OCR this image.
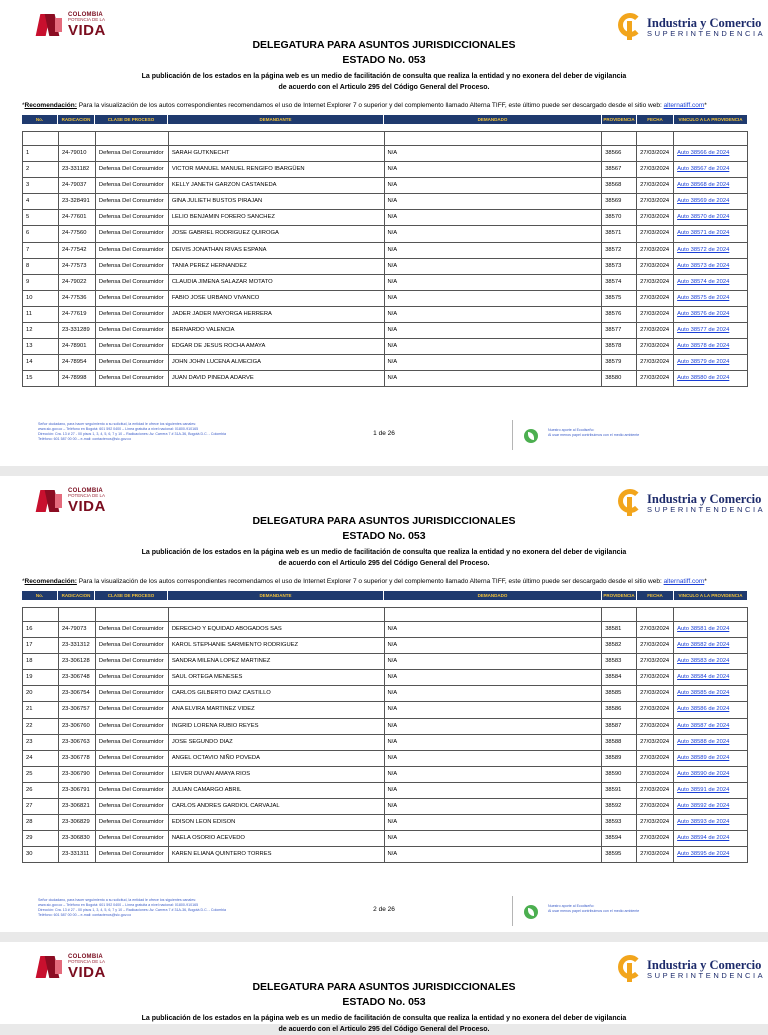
COLOMBIA
POTENCIA DE LA
VIDA	Industria y Comercio
SUPERINTENDENCIA
DELEGATURA PARA ASUNTOS JURISDICCIONALES
ESTADO No. 053
La publicación de los estados en la página web es un medio de facilitación de consulta que realiza la entidad y no exonera del deber de vigilancia
de acuerdo con el Articulo 295 del Código General del Proceso.
*Recomendación: Para la visualización de los autos correspondientes recomendamos el uso de Internet Explorer 7 o superior y del complemento llamado Alterna TIFF, este último puede ser descargado desde el sitio web: alternatiff.com*
No.	RADICACION	CLASE DE PROCESO	DEMANDANTE	DEMANDADO	PROVIDENCIA	FECHA	VINCULO A LA PROVIDENCIA
1	24-79010	Defensa Del Consumidor	SARAH GUTKNECHT	N/A	38566	27/03/2024	Auto 38566 de 2024
2	23-331182	Defensa Del Consumidor	VICTOR MANUEL MANUEL RENGIFO IBARGÜEN	N/A	38567	27/03/2024	Auto 38567 de 2024
3	24-79037	Defensa Del Consumidor	KELLY JANETH GARZON CASTANEDA	N/A	38568	27/03/2024	Auto 38568 de 2024
4	23-328491	Defensa Del Consumidor	GINA JULIETH BUSTOS PIRAJAN	N/A	38569	27/03/2024	Auto 38569 de 2024
5	24-77601	Defensa Del Consumidor	LELIO BENJAMIN FORERO SANCHEZ	N/A	38570	27/03/2024	Auto 38570 de 2024
6	24-77560	Defensa Del Consumidor	JOSE GABRIEL RODRIGUEZ QUIROGA	N/A	38571	27/03/2024	Auto 38571 de 2024
7	24-77542	Defensa Del Consumidor	DEIVIS JONATHAN RIVAS ESPANA	N/A	38572	27/03/2024	Auto 38572 de 2024
8	24-77573	Defensa Del Consumidor	TANIA PEREZ HERNANDEZ	N/A	38573	27/03/2024	Auto 38573 de 2024
9	24-79022	Defensa Del Consumidor	CLAUDIA JIMENA SALAZAR MOTATO	N/A	38574	27/03/2024	Auto 38574 de 2024
10	24-77536	Defensa Del Consumidor	FABIO JOSE URBANO VIVANCO	N/A	38575	27/03/2024	Auto 38575 de 2024
11	24-77619	Defensa Del Consumidor	JADER JADER MAYORGA HERRERA	N/A	38576	27/03/2024	Auto 38576 de 2024
12	23-331289	Defensa Del Consumidor	BERNARDO VALENCIA	N/A	38577	27/03/2024	Auto 38577 de 2024
13	24-78901	Defensa Del Consumidor	EDGAR DE JESUS ROCHA AMAYA	N/A	38578	27/03/2024	Auto 38578 de 2024
14	24-78954	Defensa Del Consumidor	JOHN JOHN LUCENA ALMECIGA	N/A	38579	27/03/2024	Auto 38579 de 2024
15	24-78998	Defensa Del Consumidor	JUAN DAVID PINEDA ADARVE	N/A	38580	27/03/2024	Auto 38580 de 2024
Señor ciudadano, para hacer seguimiento a su solicitud, la entidad le ofrece los siguientes canales:
www.sic.gov.co – Teléfono en Bogotá: 601 592 0400 – Línea gratuita a nivel nacional: 01800-910165
Dirección: Cra. 13 # 27 - 00 pisos 1, 3, 4, 5, 6, 7 y 10 – Radicaciones: Av. Carrera 7 # 31A-36, Bogotá D.C. - Colombia
Teléfono: 601 587 00 00 – e-mail: contactenos@sic.gov.co
1 de 26	Nuestro aporte al Ecodiseño:
Al usar menos papel contribuimos con el medio ambiente
COLOMBIA
POTENCIA DE LA
VIDA	Industria y Comercio
SUPERINTENDENCIA
DELEGATURA PARA ASUNTOS JURISDICCIONALES
ESTADO No. 053
La publicación de los estados en la página web es un medio de facilitación de consulta que realiza la entidad y no exonera del deber de vigilancia
de acuerdo con el Articulo 295 del Código General del Proceso.
*Recomendación: Para la visualización de los autos correspondientes recomendamos el uso de Internet Explorer 7 o superior y del complemento llamado Alterna TIFF, este último puede ser descargado desde el sitio web: alternatiff.com*
No.	RADICACION	CLASE DE PROCESO	DEMANDANTE	DEMANDADO	PROVIDENCIA	FECHA	VINCULO A LA PROVIDENCIA
16	24-79073	Defensa Del Consumidor	DERECHO Y EQUIDAD ABOGADOS SAS	N/A	38581	27/03/2024	Auto 38581 de 2024
17	23-331312	Defensa Del Consumidor	KAROL STEPHANIE SARMIENTO RODRIGUEZ	N/A	38582	27/03/2024	Auto 38582 de 2024
18	23-306128	Defensa Del Consumidor	SANDRA MILENA LOPEZ MARTINEZ	N/A	38583	27/03/2024	Auto 38583 de 2024
19	23-306748	Defensa Del Consumidor	SAUL ORTEGA MENESES	N/A	38584	27/03/2024	Auto 38584 de 2024
20	23-306754	Defensa Del Consumidor	CARLOS GILBERTO DIAZ CASTILLO	N/A	38585	27/03/2024	Auto 38585 de 2024
21	23-306757	Defensa Del Consumidor	ANA ELVIRA MARTINEZ VIDEZ	N/A	38586	27/03/2024	Auto 38586 de 2024
22	23-306760	Defensa Del Consumidor	INGRID LORENA RUBIO REYES	N/A	38587	27/03/2024	Auto 38587 de 2024
23	23-306763	Defensa Del Consumidor	JOSE SEGUNDO DIAZ	N/A	38588	27/03/2024	Auto 38588 de 2024
24	23-306778	Defensa Del Consumidor	ANGEL OCTAVIO NIÑO POVEDA	N/A	38589	27/03/2024	Auto 38589 de 2024
25	23-306790	Defensa Del Consumidor	LEIVER DUVAN AMAYA RIOS	N/A	38590	27/03/2024	Auto 38590 de 2024
26	23-306791	Defensa Del Consumidor	JULIAN CAMARGO ABRIL	N/A	38591	27/03/2024	Auto 38591 de 2024
27	23-306821	Defensa Del Consumidor	CARLOS ANDRES GARDIOL CARVAJAL	N/A	38592	27/03/2024	Auto 38592 de 2024
28	23-306829	Defensa Del Consumidor	EDISON LEON EDISON	N/A	38593	27/03/2024	Auto 38593 de 2024
29	23-306830	Defensa Del Consumidor	NAELA OSORIO ACEVEDO	N/A	38594	27/03/2024	Auto 38594 de 2024
30	23-331311	Defensa Del Consumidor	KAREN ELIANA QUINTERO TORRES	N/A	38595	27/03/2024	Auto 38595 de 2024
Señor ciudadano, para hacer seguimiento a su solicitud, la entidad le ofrece los siguientes canales:
www.sic.gov.co – Teléfono en Bogotá: 601 592 0400 – Línea gratuita a nivel nacional: 01800-910165
Dirección: Cra. 13 # 27 - 00 pisos 1, 3, 4, 5, 6, 7 y 10 – Radicaciones: Av. Carrera 7 # 31A-36, Bogotá D.C. - Colombia
Teléfono: 601 587 00 00 – e-mail: contactenos@sic.gov.co
2 de 26	Nuestro aporte al Ecodiseño:
Al usar menos papel contribuimos con el medio ambiente
COLOMBIA
POTENCIA DE LA
VIDA	Industria y Comercio
SUPERINTENDENCIA
DELEGATURA PARA ASUNTOS JURISDICCIONALES
ESTADO No. 053
La publicación de los estados en la página web es un medio de facilitación de consulta que realiza la entidad y no exonera del deber de vigilancia
de acuerdo con el Articulo 295 del Código General del Proceso.
